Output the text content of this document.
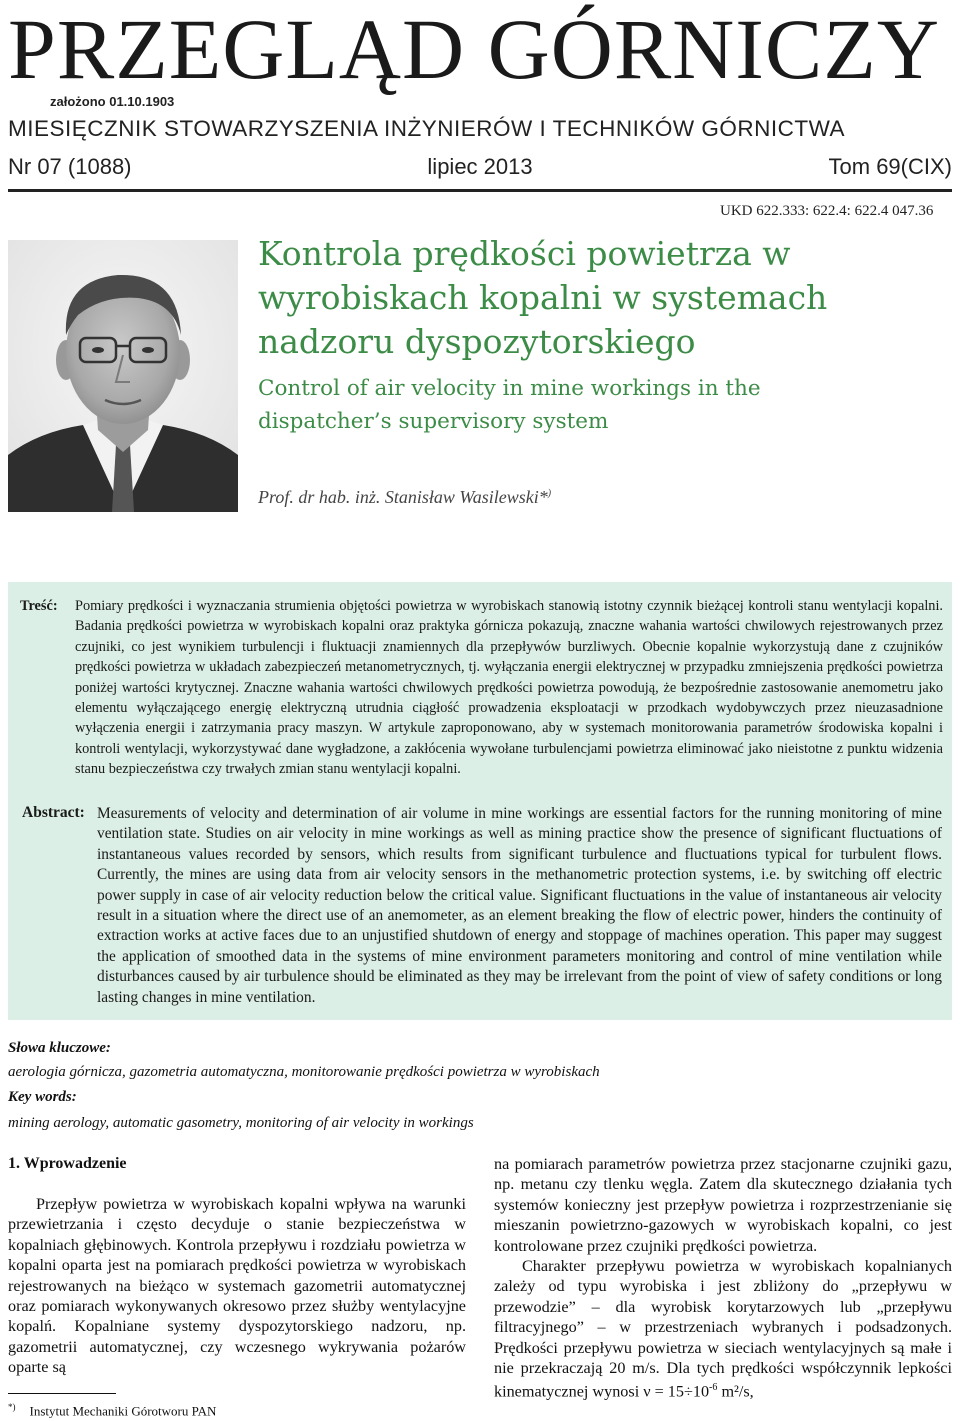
PRZEGLĄD GÓRNICZY
założono 01.10.1903
MIESIĘCZNIK STOWARZYSZENIA INŻYNIERÓW I TECHNIKÓW GÓRNICTWA
Nr 07 (1088)	lipiec 2013	Tom 69(CIX)
UKD 622.333: 622.4: 622.4 047.36
Kontrola prędkości powietrza w wyrobiskach kopalni w systemach nadzoru dyspozytorskiego
Control of air velocity in mine workings in the dispatcher’s supervisory system
Prof. dr hab. inż. Stanisław Wasilewski*)
Treść: Pomiary prędkości i wyznaczania strumienia objętości powietrza w wyrobiskach stanowią istotny czynnik bieżącej kontroli stanu wentylacji kopalni. Badania prędkości powietrza w wyrobiskach kopalni oraz praktyka górnicza pokazują, znaczne wahania wartości chwilowych rejestrowanych przez czujniki, co jest wynikiem turbulencji i fluktuacji znamiennych dla przepływów burzliwych. Obecnie kopalnie wykorzystują dane z czujników prędkości powietrza w układach zabezpieczeń metanometrycznych, tj. wyłączania energii elektrycznej w przypadku zmniejszenia prędkości powietrza poniżej wartości krytycznej. Znaczne wahania wartości chwilowych prędkości powietrza powodują, że bezpośrednie zastosowanie anemometru jako elementu wyłączającego energię elektryczną utrudnia ciągłość prowadzenia eksploatacji w przodkach wydobywczych przez nieuzasadnione wyłączenia energii i zatrzymania pracy maszyn. W artykule zaproponowano, aby w systemach monitorowania parametrów środowiska kopalni i kontroli wentylacji, wykorzystywać dane wygładzone, a zakłócenia wywołane turbulencjami powietrza eliminować jako nieistotne z punktu widzenia stanu bezpieczeństwa czy trwałych zmian stanu wentylacji kopalni.
Abstract: Measurements of velocity and determination of air volume in mine workings are essential factors for the running monitoring of mine ventilation state. Studies on air velocity in mine workings as well as mining practice show the presence of significant fluctuations of instantaneous values recorded by sensors, which results from significant turbulence and fluctuations typical for turbulent flows. Currently, the mines are using data from air velocity sensors in the methanometric protection systems, i.e. by switching off electric power supply in case of air velocity reduction below the critical value. Significant fluctuations in the value of instantaneous air velocity result in a situation where the direct use of an anemometer, as an element breaking the flow of electric power, hinders the continuity of extraction works at active faces due to an unjustified shutdown of energy and stoppage of machines operation. This paper may suggest the application of smoothed data in the systems of mine environment parameters monitoring and control of mine ventilation while disturbances caused by air turbulence should be eliminated as they may be irrelevant from the point of view of safety conditions or long lasting changes in mine ventilation.
Słowa kluczowe:
aerologia górnicza, gazometria automatyczna, monitorowanie prędkości powietrza w wyrobiskach
Key words:
mining aerology, automatic gasometry, monitoring of air velocity in workings
1. Wprowadzenie

Przepływ powietrza w wyrobiskach kopalni wpływa na warunki przewietrzania i często decyduje o stanie bezpieczeństwa w kopalniach głębinowych. Kontrola przepływu i rozdziału powietrza w kopalni oparta jest na pomiarach prędkości powietrza w wyrobiskach rejestrowanych na bieżąco w systemach gazometrii automatycznej oraz pomiarach wykonywanych okresowo przez służby wentylacyjne kopalń. Kopalniane systemy dyspozytorskiego nadzoru, np. gazometrii automatycznej, czy wczesnego wykrywania pożarów oparte są

na pomiarach parametrów powietrza przez stacjonarne czujniki gazu, np. metanu czy tlenku węgla. Zatem dla skutecznego działania tych systemów konieczny jest przepływ powietrza i rozprzestrzenianie się mieszanin powietrzno-gazowych w wyrobiskach kopalni, co jest kontrolowane przez czujniki prędkości powietrza.

Charakter przepływu powietrza w wyrobiskach kopalnianych zależy od typu wyrobiska i jest zbliżony do „przepływu w przewodzie” – dla wyrobisk korytarzowych lub „przepływu filtracyjnego” – w przestrzeniach wybranych i podsadzonych. Prędkości przepływu powietrza w sieciach wentylacyjnych są małe i nie przekraczają 20 m/s. Dla tych prędkości współczynnik lepkości kinematycznej wynosi $\nu = 15\div 10^{-6}$ m²/s,

*) Instytut Mechaniki Górotworu PAN
